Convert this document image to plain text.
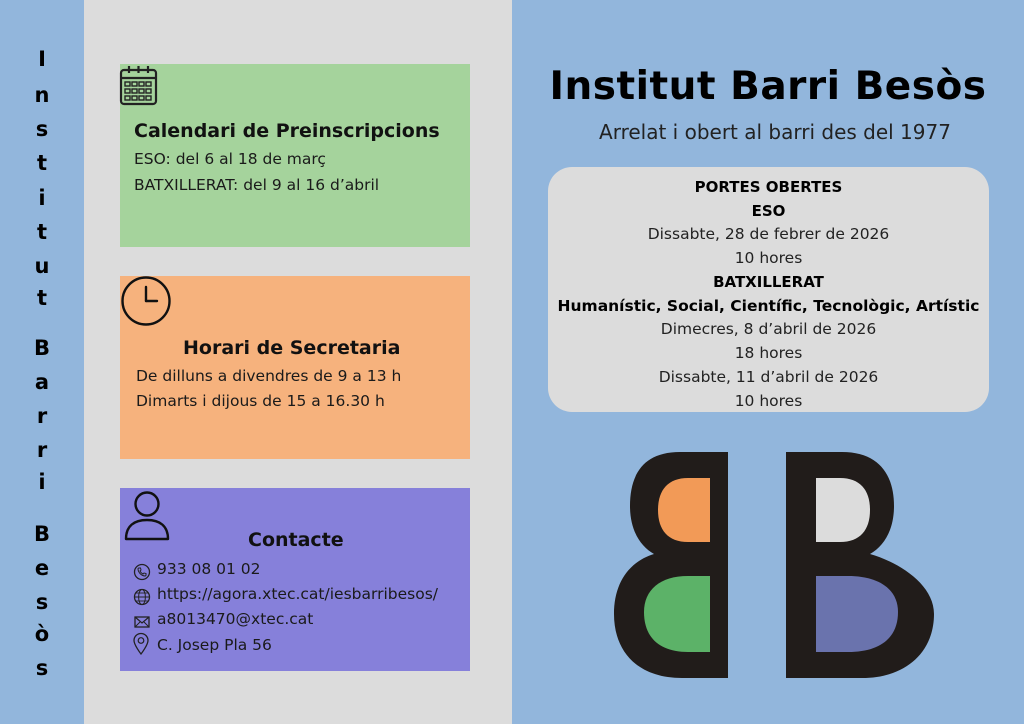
I
n
s
t
i
t
u
t
B
a
r
r
i
B
e
s
ò
s
Calendari de Preinscripcions
ESO: del 6 al 18 de març
BATXILLERAT: del 9 al 16 d’abril
Horari de Secretaria
De dilluns a divendres de 9 a 13 h
Dimarts i dijous de 15 a 16.30 h
Contacte
933 08 01 02
https://agora.xtec.cat/iesbarribesos/
a8013470@xtec.cat
C. Josep Pla 56
Institut Barri Besòs
Arrelat i obert al barri des del 1977
PORTES OBERTES
ESO
Dissabte, 28 de febrer de 2026
10 hores
BATXILLERAT
Humanístic, Social, Científic, Tecnològic, Artístic
Dimecres, 8 d’abril de 2026
18 hores
Dissabte, 11 d’abril de 2026
10 hores
